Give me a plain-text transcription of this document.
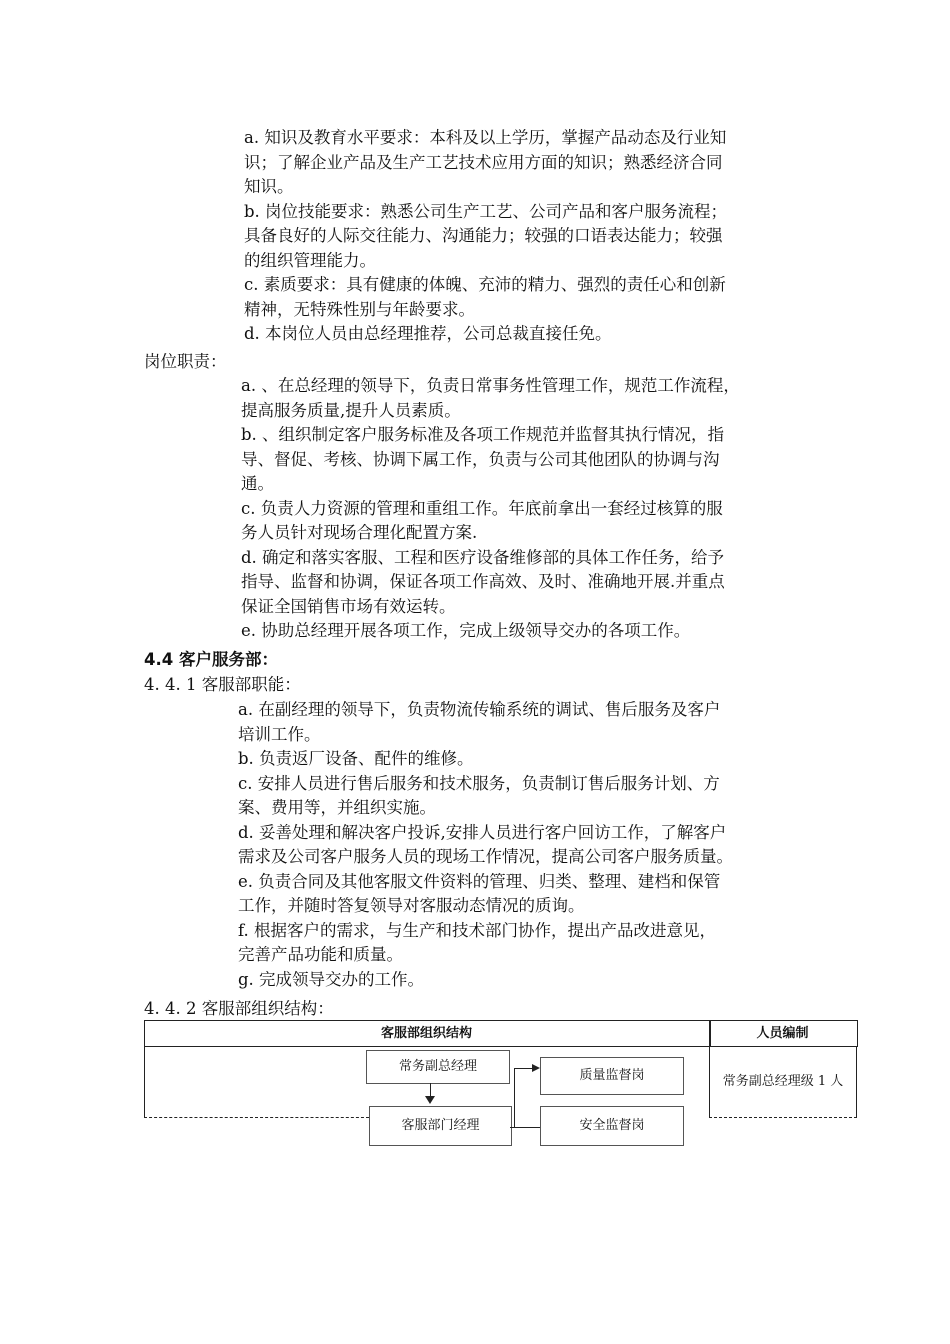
a. 知识及教育水平要求：本科及以上学历，掌握产品动态及行业知
识；了解企业产品及生产工艺技术应用方面的知识；熟悉经济合同
知识。
b. 岗位技能要求：熟悉公司生产工艺、公司产品和客户服务流程；
具备良好的人际交往能力、沟通能力；较强的口语表达能力；较强
的组织管理能力。
c. 素质要求：具有健康的体魄、充沛的精力、强烈的责任心和创新
精神，无特殊性别与年龄要求。
d. 本岗位人员由总经理推荐，公司总裁直接任免。
岗位职责：
a. 、在总经理的领导下，负责日常事务性管理工作，规范工作流程，
提高服务质量,提升人员素质。
b. 、组织制定客户服务标准及各项工作规范并监督其执行情况，指
导、督促、考核、协调下属工作，负责与公司其他团队的协调与沟
通。
c. 负责人力资源的管理和重组工作。年底前拿出一套经过核算的服
务人员针对现场合理化配置方案.
d. 确定和落实客服、工程和医疗设备维修部的具体工作任务，给予
指导、监督和协调，保证各项工作高效、及时、准确地开展.并重点
保证全国销售市场有效运转。
e. 协助总经理开展各项工作，完成上级领导交办的各项工作。
4.4 客户服务部：
4. 4. 1 客服部职能：
a. 在副经理的领导下，负责物流传输系统的调试、售后服务及客户
培训工作。
b. 负责返厂设备、配件的维修。
c. 安排人员进行售后服务和技术服务，负责制订售后服务计划、方
案、费用等，并组织实施。
d. 妥善处理和解决客户投诉,安排人员进行客户回访工作，了解客户
需求及公司客户服务人员的现场工作情况，提高公司客户服务质量。
e. 负责合同及其他客服文件资料的管理、归类、整理、建档和保管
工作，并随时答复领导对客服动态情况的质询。
f. 根据客户的需求，与生产和技术部门协作，提出产品改进意见，
完善产品功能和质量。
g. 完成领导交办的工作。
4. 4. 2 客服部组织结构：
客服部组织结构	人员编制
常务副总经理
质量监督岗
客服部门经理	安全监督岗
常务副总经理级 1 人
